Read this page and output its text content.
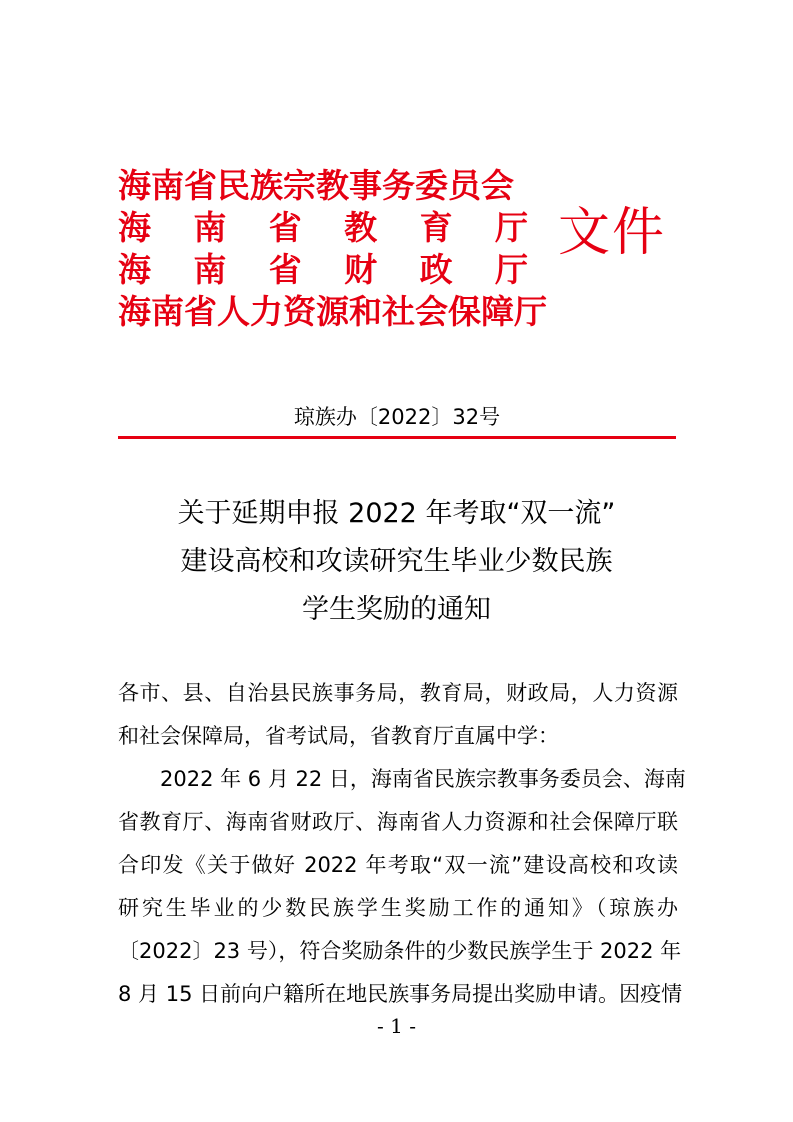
海南省民族宗教事务委员会
海 南 省 教 育 厅
海 南 省 财 政 厅
海南省人力资源和社会保障厅
文件
琼族办〔2022〕32号
关于延期申报 2022 年考取“双一流”
建设高校和攻读研究生毕业少数民族
学生奖励的通知
各市、县、自治县民族事务局，教育局，财政局，人力资源
和社会保障局，省考试局，省教育厅直属中学：
2022 年 6 月 22 日，海南省民族宗教事务委员会、海南
省教育厅、海南省财政厅、海南省人力资源和社会保障厅联
合印发《关于做好 2022 年考取“双一流”建设高校和攻读
研究生毕业的少数民族学生奖励工作的通知》（琼族办
〔2022〕23 号），符合奖励条件的少数民族学生于 2022 年
8 月 15 日前向户籍所在地民族事务局提出奖励申请。因疫情
- 1 -
